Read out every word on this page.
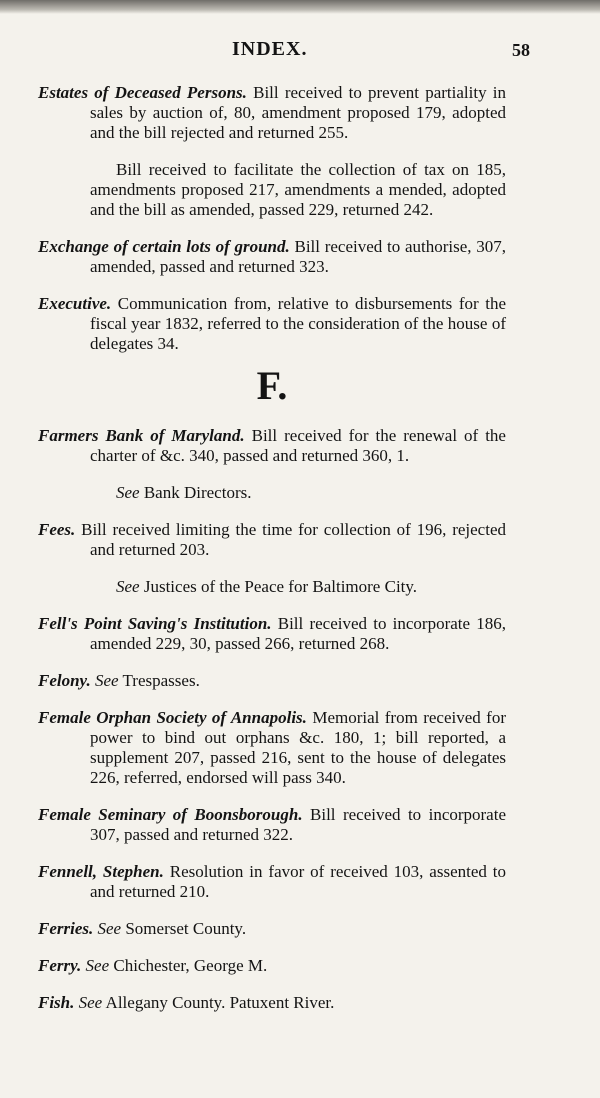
INDEX.	58

Estates of Deceased Persons. Bill received to prevent partiality in sales by auction of, 80, amendment proposed 179, adopted and the bill rejected and returned 255.

Bill received to facilitate the collection of tax on 185, amendments proposed 217, amendments a mended, adopted and the bill as amended, passed 229, returned 242.

Exchange of certain lots of ground. Bill received to authorise, 307, amended, passed and returned 323.

Executive. Communication from, relative to disbursements for the fiscal year 1832, referred to the consideration of the house of delegates 34.

F.

Farmers Bank of Maryland. Bill received for the renewal of the charter of &c. 340, passed and returned 360, 1.

See Bank Directors.

Fees. Bill received limiting the time for collection of 196, rejected and returned 203.

See Justices of the Peace for Baltimore City.

Fell's Point Saving's Institution. Bill received to incorporate 186, amended 229, 30, passed 266, returned 268.

Felony. See Trespasses.

Female Orphan Society of Annapolis. Memorial from received for power to bind out orphans &c. 180, 1; bill reported, a supplement 207, passed 216, sent to the house of delegates 226, referred, endorsed will pass 340.

Female Seminary of Boonsborough. Bill received to incorporate 307, passed and returned 322.

Fennell, Stephen. Resolution in favor of received 103, assented to and returned 210.

Ferries. See Somerset County.

Ferry. See Chichester, George M.

Fish. See Allegany County. Patuxent River.
